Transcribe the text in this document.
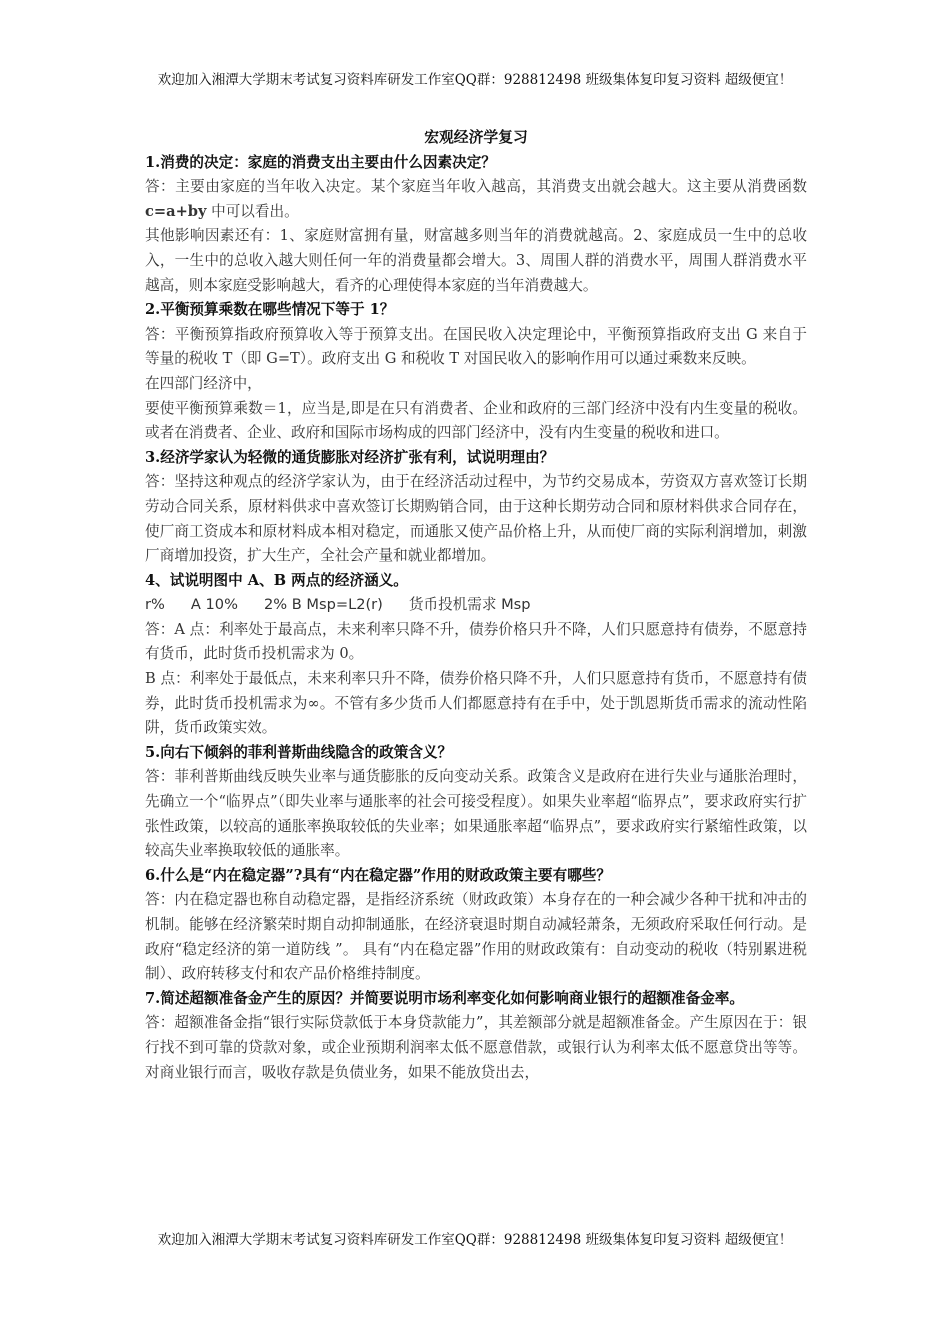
欢迎加入湘潭大学期末考试复习资料库研发工作室QQ群：928812498 班级集体复印复习资料 超级便宜！

宏观经济学复习

1.消费的决定：家庭的消费支出主要由什么因素决定？

答：主要由家庭的当年收入决定。某个家庭当年收入越高，其消费支出就会越大。这主要从消费函数 c=a+by 中可以看出。

其他影响因素还有：1、家庭财富拥有量，财富越多则当年的消费就越高。2、家庭成员一生中的总收入，一生中的总收入越大则任何一年的消费量都会增大。3、周围人群的消费水平，周围人群消费水平越高，则本家庭受影响越大，看齐的心理使得本家庭的当年消费越大。

2.平衡预算乘数在哪些情况下等于 1？

答：平衡预算指政府预算收入等于预算支出。在国民收入决定理论中，平衡预算指政府支出 G 来自于等量的税收 T（即 G=T）。政府支出 G 和税收 T 对国民收入的影响作用可以通过乘数来反映。

在四部门经济中，

要使平衡预算乘数＝1，应当是,即是在只有消费者、企业和政府的三部门经济中没有内生变量的税收。或者在消费者、企业、政府和国际市场构成的四部门经济中，没有内生变量的税收和进口。

3.经济学家认为轻微的通货膨胀对经济扩张有利，试说明理由？

答：坚持这种观点的经济学家认为，由于在经济活动过程中，为节约交易成本，劳资双方喜欢签订长期劳动合同关系，原材料供求中喜欢签订长期购销合同，由于这种长期劳动合同和原材料供求合同存在，使厂商工资成本和原材料成本相对稳定，而通胀又使产品价格上升，从而使厂商的实际利润增加，刺激厂商增加投资，扩大生产，全社会产量和就业都增加。

4、试说明图中 A、B 两点的经济涵义。

r% A 10% 2% B Msp=L2(r) 货币投机需求 Msp

答：A 点：利率处于最高点，未来利率只降不升，债券价格只升不降，人们只愿意持有债券，不愿意持有货币，此时货币投机需求为 0。

B 点：利率处于最低点，未来利率只升不降，债券价格只降不升，人们只愿意持有货币，不愿意持有债券，此时货币投机需求为∞。不管有多少货币人们都愿意持有在手中，处于凯恩斯货币需求的流动性陷阱，货币政策实效。

5.向右下倾斜的菲利普斯曲线隐含的政策含义？

答：菲利普斯曲线反映失业率与通货膨胀的反向变动关系。政策含义是政府在进行失业与通胀治理时，先确立一个“临界点”（即失业率与通胀率的社会可接受程度）。如果失业率超“临界点”，要求政府实行扩张性政策，以较高的通胀率换取较低的失业率；如果通胀率超“临界点”，要求政府实行紧缩性政策，以较高失业率换取较低的通胀率。

6.什么是“内在稳定器”?具有“内在稳定器”作用的财政政策主要有哪些？

答：内在稳定器也称自动稳定器，是指经济系统（财政政策）本身存在的一种会减少各种干扰和冲击的机制。能够在经济繁荣时期自动抑制通胀，在经济衰退时期自动减轻萧条，无须政府采取任何行动。是政府“稳定经济的第一道防线 ”。 具有“内在稳定器”作用的财政政策有：自动变动的税收（特别累进税制）、政府转移支付和农产品价格维持制度。

7.简述超额准备金产生的原因？并简要说明市场利率变化如何影响商业银行的超额准备金率。

答：超额准备金指“银行实际贷款低于本身贷款能力”，其差额部分就是超额准备金。产生原因在于：银行找不到可靠的贷款对象，或企业预期利润率太低不愿意借款，或银行认为利率太低不愿意贷出等等。对商业银行而言，吸收存款是负债业务，如果不能放贷出去，

欢迎加入湘潭大学期末考试复习资料库研发工作室QQ群：928812498 班级集体复印复习资料 超级便宜！
